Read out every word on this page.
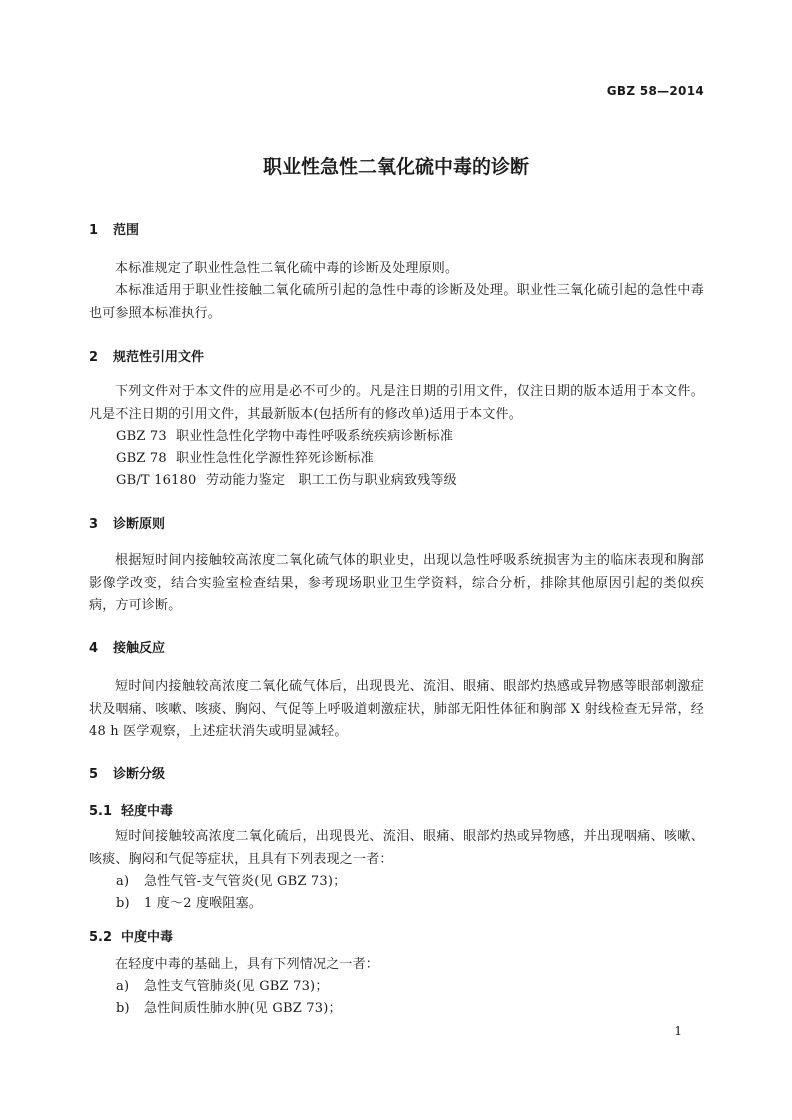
GBZ 58—2014
职业性急性二氧化硫中毒的诊断
1 范围
本标准规定了职业性急性二氧化硫中毒的诊断及处理原则。
本标准适用于职业性接触二氧化硫所引起的急性中毒的诊断及处理。职业性三氧化硫引起的急性中毒也可参照本标准执行。
2 规范性引用文件
下列文件对于本文件的应用是必不可少的。凡是注日期的引用文件，仅注日期的版本适用于本文件。凡是不注日期的引用文件，其最新版本(包括所有的修改单)适用于本文件。
GBZ 73 职业性急性化学物中毒性呼吸系统疾病诊断标准
GBZ 78 职业性急性化学源性猝死诊断标准
GB/T 16180 劳动能力鉴定　职工工伤与职业病致残等级
3 诊断原则
根据短时间内接触较高浓度二氧化硫气体的职业史，出现以急性呼吸系统损害为主的临床表现和胸部影像学改变，结合实验室检查结果，参考现场职业卫生学资料，综合分析，排除其他原因引起的类似疾病，方可诊断。
4 接触反应
短时间内接触较高浓度二氧化硫气体后，出现畏光、流泪、眼痛、眼部灼热感或异物感等眼部刺激症状及咽痛、咳嗽、咳痰、胸闷、气促等上呼吸道刺激症状，肺部无阳性体征和胸部 X 射线检查无异常，经 48 h 医学观察，上述症状消失或明显减轻。
5 诊断分级
5.1 轻度中毒
短时间接触较高浓度二氧化硫后，出现畏光、流泪、眼痛、眼部灼热或异物感，并出现咽痛、咳嗽、咳痰、胸闷和气促等症状，且具有下列表现之一者：
a) 急性气管-支气管炎(见 GBZ 73)；
b) 1 度～2 度喉阻塞。
5.2 中度中毒
在轻度中毒的基础上，具有下列情况之一者：
a) 急性支气管肺炎(见 GBZ 73)；
b) 急性间质性肺水肿(见 GBZ 73)；
1
